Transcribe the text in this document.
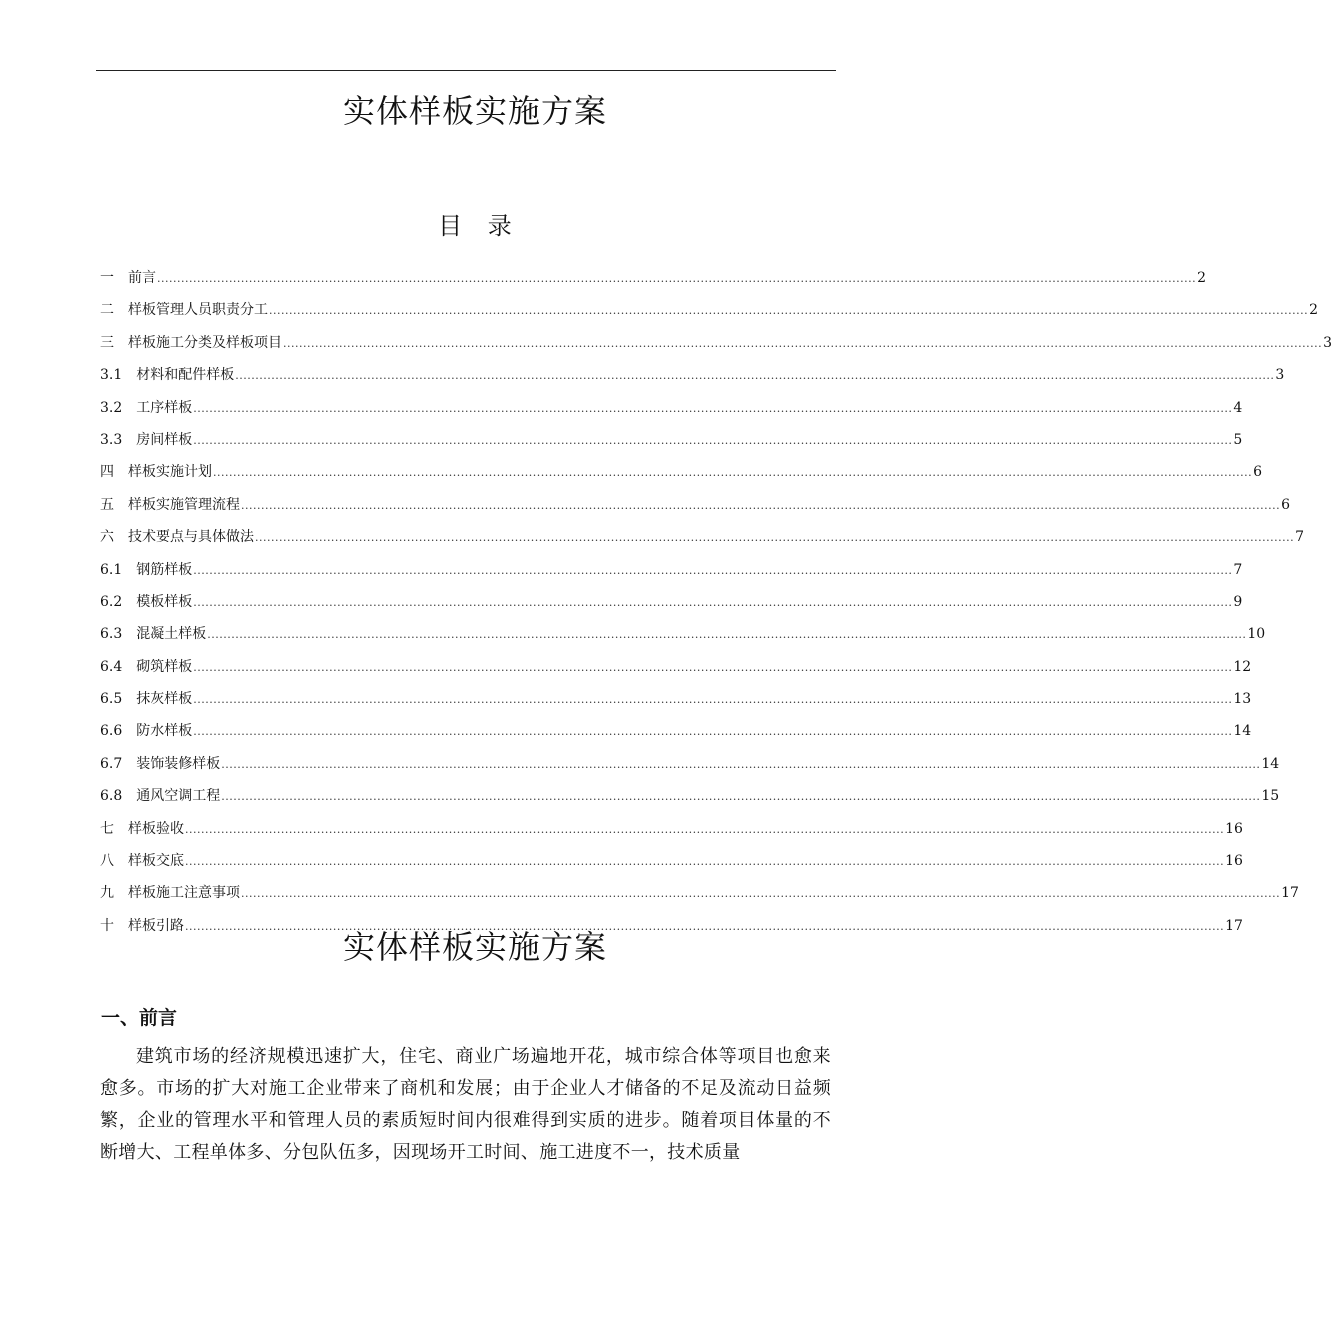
实体样板实施方案
目 录
一 前言 .................................................................................................................................................................................................................................................................... 2
二 样板管理人员职责分工 .................................................................................................................................................................................................................................................................... 2
三 样板施工分类及样板项目 .................................................................................................................................................................................................................................................................... 3
3.1 材料和配件样板 .................................................................................................................................................................................................................................................................... 3
3.2 工序样板 .................................................................................................................................................................................................................................................................... 4
3.3 房间样板 .................................................................................................................................................................................................................................................................... 5
四 样板实施计划 .................................................................................................................................................................................................................................................................... 6
五 样板实施管理流程 .................................................................................................................................................................................................................................................................... 6
六 技术要点与具体做法 .................................................................................................................................................................................................................................................................... 7
6.1 钢筋样板 .................................................................................................................................................................................................................................................................... 7
6.2 模板样板 .................................................................................................................................................................................................................................................................... 9
6.3 混凝土样板 .................................................................................................................................................................................................................................................................... 10
6.4 砌筑样板 .................................................................................................................................................................................................................................................................... 12
6.5 抹灰样板 .................................................................................................................................................................................................................................................................... 13
6.6 防水样板 .................................................................................................................................................................................................................................................................... 14
6.7 装饰装修样板 .................................................................................................................................................................................................................................................................... 14
6.8 通风空调工程 .................................................................................................................................................................................................................................................................... 15
七 样板验收 .................................................................................................................................................................................................................................................................... 16
八 样板交底 .................................................................................................................................................................................................................................................................... 16
九 样板施工注意事项 .................................................................................................................................................................................................................................................................... 17
十 样板引路 .................................................................................................................................................................................................................................................................... 17
实体样板实施方案
一、前言

建筑市场的经济规模迅速扩大，住宅、商业广场遍地开花，城市综合体等项目也愈来愈多。市场的扩大对施工企业带来了商机和发展；由于企业人才储备的不足及流动日益频繁，企业的管理水平和管理人员的素质短时间内很难得到实质的进步。随着项目体量的不断增大、工程单体多、分包队伍多，因现场开工时间、施工进度不一，技术质量
